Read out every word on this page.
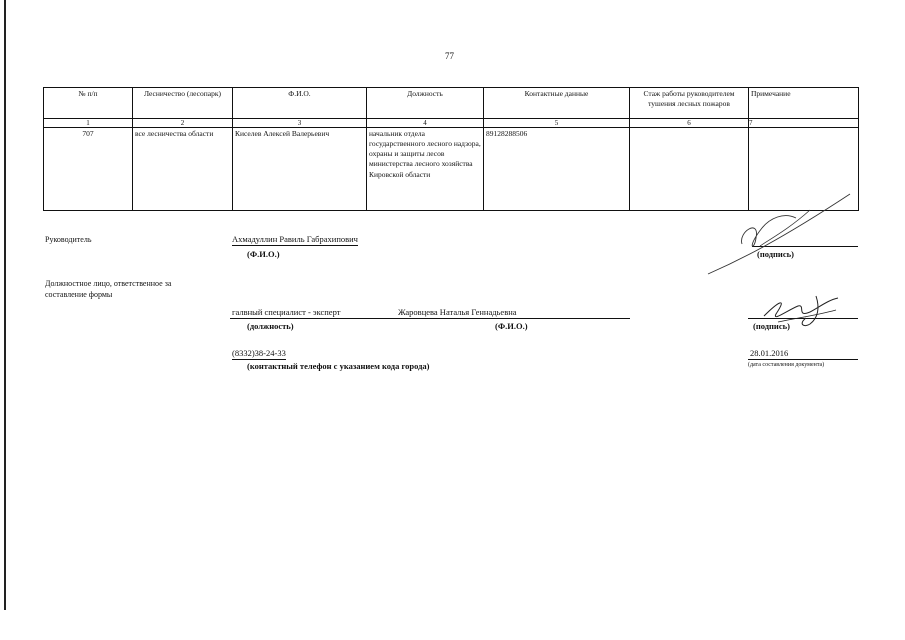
77
№ п/п	Лесничество (лесопарк)	Ф.И.О.	Должность	Контактные данные	Стаж работы руководителем тушения лесных пожаров	Примечание
1	2	3	4	5	6	7
707	все лесничества области	Киселев Алексей Валерьевич	начальник отдела государственного лесного надзора, охраны и защиты лесов министерства лесного хозяйства Кировской области	89128288506		
Руководитель	Ахмадуллин Равиль Габрахипович
(Ф.И.О.)	(подпись)
Должностное лицо, ответственное за составление формы
галвный специалист - эксперт	Жаровцева Наталья Геннадьевна
(должность)	(Ф.И.О.)	(подпись)
(8332)38-24-33
(контактный телефон с указанием кода города)
28.01.2016
(дата составления документа)
